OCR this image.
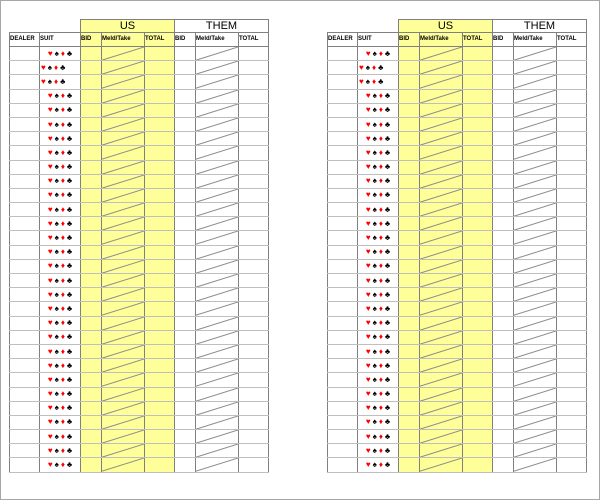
		US			THEM		
DEALER	SUIT	BID	Meld/Take	TOTAL	BID	Meld/Take	TOTAL
	♥ ♠ ♦ ♣		

	♥ ♠ ♦ ♣		

	♥ ♠ ♦ ♣		

	♥ ♠ ♦ ♣		

	♥ ♠ ♦ ♣		

	♥ ♠ ♦ ♣		

	♥ ♠ ♦ ♣		

	♥ ♠ ♦ ♣		

	♥ ♠ ♦ ♣		

	♥ ♠ ♦ ♣		

	♥ ♠ ♦ ♣		

	♥ ♠ ♦ ♣		

	♥ ♠ ♦ ♣		

	♥ ♠ ♦ ♣		

	♥ ♠ ♦ ♣		

	♥ ♠ ♦ ♣		

	♥ ♠ ♦ ♣		

	♥ ♠ ♦ ♣		

	♥ ♠ ♦ ♣		

	♥ ♠ ♦ ♣		

	♥ ♠ ♦ ♣		

	♥ ♠ ♦ ♣		

	♥ ♠ ♦ ♣		

	♥ ♠ ♦ ♣		

	♥ ♠ ♦ ♣		

	♥ ♠ ♦ ♣		

	♥ ♠ ♦ ♣		

	♥ ♠ ♦ ♣		

	♥ ♠ ♦ ♣		

	♥ ♠ ♦ ♣		

		US			THEM		
DEALER	SUIT	BID	Meld/Take	TOTAL	BID	Meld/Take	TOTAL
	♥ ♠ ♦ ♣		

	♥ ♠ ♦ ♣		

	♥ ♠ ♦ ♣		

	♥ ♠ ♦ ♣		

	♥ ♠ ♦ ♣		

	♥ ♠ ♦ ♣		

	♥ ♠ ♦ ♣		

	♥ ♠ ♦ ♣		

	♥ ♠ ♦ ♣		

	♥ ♠ ♦ ♣		

	♥ ♠ ♦ ♣		

	♥ ♠ ♦ ♣		

	♥ ♠ ♦ ♣		

	♥ ♠ ♦ ♣		

	♥ ♠ ♦ ♣		

	♥ ♠ ♦ ♣		

	♥ ♠ ♦ ♣		

	♥ ♠ ♦ ♣		

	♥ ♠ ♦ ♣		

	♥ ♠ ♦ ♣		

	♥ ♠ ♦ ♣		

	♥ ♠ ♦ ♣		

	♥ ♠ ♦ ♣		

	♥ ♠ ♦ ♣		

	♥ ♠ ♦ ♣		

	♥ ♠ ♦ ♣		

	♥ ♠ ♦ ♣		

	♥ ♠ ♦ ♣		

	♥ ♠ ♦ ♣		

	♥ ♠ ♦ ♣		
